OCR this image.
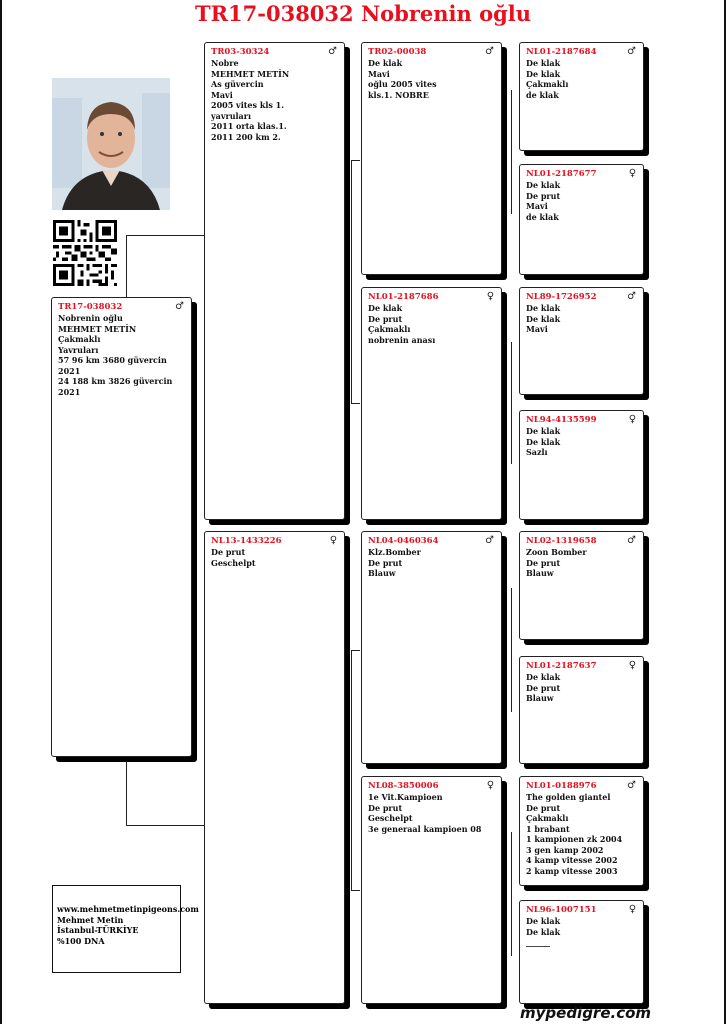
TR17-038032 Nobrenin oğlu
TR17-038032	♂
Nobrenin oğlu
MEHMET METİN
Çakmaklı
Yavruları
57 96 km 3680 güvercin
2021
24 188 km 3826 güvercin
2021
TR03-30324	♂
Nobre
MEHMET METİN
As güvercin
Mavi
2005 vites kls 1.
yavruları
2011 orta klas.1.
2011 200 km 2.
NL13-1433226	♀
De prut
Geschelpt
TR02-00038	♂
De klak
Mavi
oğlu 2005 vites
kls.1. NOBRE
NL01-2187686	♀
De klak
De prut
Çakmaklı
nobrenin anası
NL04-0460364	♂
Klz.Bomber
De prut
Blauw
NL08-3850006	♀
1e Vit.Kampioen
De prut
Geschelpt
3e generaal kampioen 08
NL01-2187684	♂
De klak
De klak
Çakmaklı
de klak
NL01-2187677	♀
De klak
De prut
Mavi
de klak
NL89-1726952	♂
De klak
De klak
Mavi
NL94-4135599	♀
De klak
De klak
Sazlı
NL02-1319658	♂
Zoon Bomber
De prut
Blauw
NL01-2187637	♀
De klak
De prut
Blauw
NL01-0188976	♂
The golden giantel
De prut
Çakmaklı
1 brabant
1 kampionen zk 2004
3 gen kamp 2002
4 kamp vitesse 2002
2 kamp vitesse 2003
NL96-1007151	♀
De klak
De klak
______
www.mehmetmetinpigeons.com
Mehmet Metin
İstanbul-TÜRKİYE
%100 DNA
mypedigre.com
